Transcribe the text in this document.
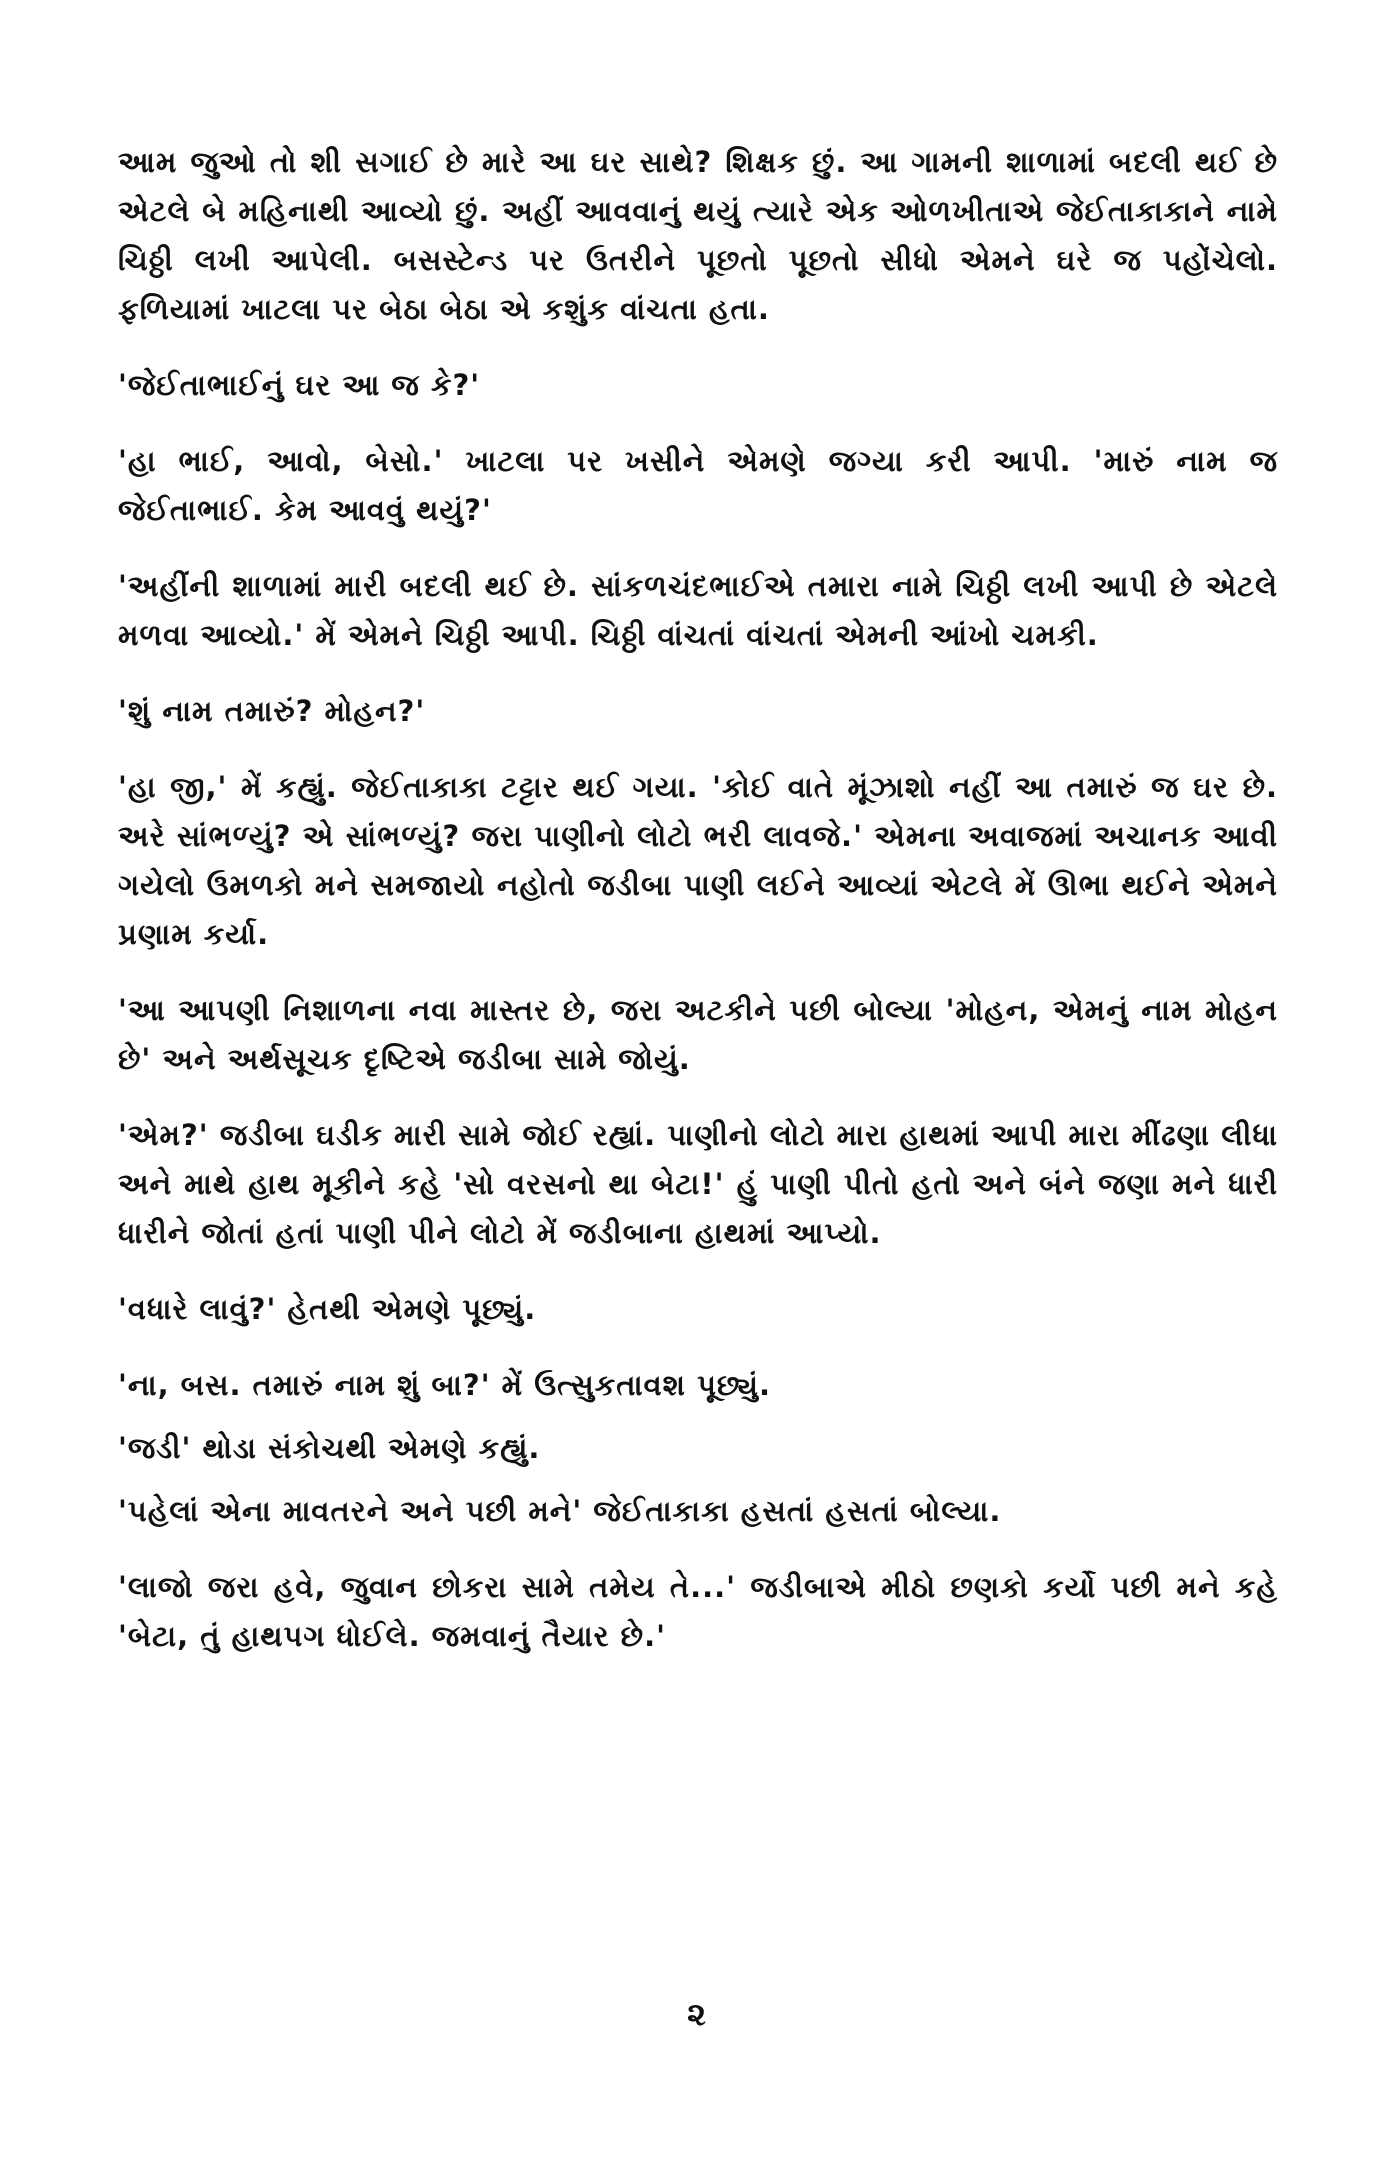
આમ જુઓ તો શી સગાઈ છે મારે આ ઘર સાથે? શિક્ષક છું. આ ગામની શાળામાં બદલી થઈ છે એટલે બે મહિનાથી આવ્યો છું. અહીં આવવાનું થયું ત્યારે એક ઓળખીતાએ જેઈતાકાકાને નામે ચિઠ્ઠી લખી આપેલી. બસસ્ટેન્ડ પર ઉતરીને પૂછતો પૂછતો સીધો એમને ઘરે જ પહોંચેલો. ફળિયામાં ખાટલા પર બેઠા બેઠા એ કશુંક વાંચતા હતા.

'જેઈતાભાઈનું ઘર આ જ કે?'

'હા ભાઈ, આવો, બેસો.' ખાટલા પર ખસીને એમણે જગ્યા કરી આપી. 'મારું નામ જ જેઈતાભાઈ. કેમ આવવું થયું?'

'અહીંની શાળામાં મારી બદલી થઈ છે. સાંકળચંદભાઈએ તમારા નામે ચિઠ્ઠી લખી આપી છે એટલે મળવા આવ્યો.' મેં એમને ચિઠ્ઠી આપી. ચિઠ્ઠી વાંચતાં વાંચતાં એમની આંખો ચમકી.

'શું નામ તમારું? મોહન?'

'હા જી,' મેં કહ્યું. જેઈતાકાકા ટટ્ટાર થઈ ગયા. 'કોઈ વાતે મૂંઝાશો નહીં આ તમારું જ ઘર છે. અરે સાંભળ્યું? એ સાંભળ્યું? જરા પાણીનો લોટો ભરી લાવજે.' એમના અવાજમાં અચાનક આવી ગયેલો ઉમળકો મને સમજાયો નહોતો જડીબા પાણી લઈને આવ્યાં એટલે મેં ઊભા થઈને એમને પ્રણામ કર્યા.

'આ આપણી નિશાળના નવા માસ્તર છે, જરા અટકીને પછી બોલ્યા 'મોહન, એમનું નામ મોહન છે' અને અર્થસૂચક દૃષ્ટિએ જડીબા સામે જોયું.

'એમ?' જડીબા ઘડીક મારી સામે જોઈ રહ્યાં. પાણીનો લોટો મારા હાથમાં આપી મારા મીંઢણા લીધા અને માથે હાથ મૂકીને કહે 'સો વરસનો થા બેટા!' હું પાણી પીતો હતો અને બંને જણા મને ધારી ધારીને જોતાં હતાં પાણી પીને લોટો મેં જડીબાના હાથમાં આપ્યો.

'વધારે લાવું?' હેતથી એમણે પૂછ્યું.

'ના, બસ. તમારું નામ શું બા?' મેં ઉત્સુકતાવશ પૂછ્યું.

'જડી' થોડા સંકોચથી એમણે કહ્યું.

'પહેલાં એના માવતરને અને પછી મને' જેઈતાકાકા હસતાં હસતાં બોલ્યા.

'લાજો જરા હવે, જુવાન છોકરા સામે તમેય તે...' જડીબાએ મીઠો છણકો કર્યો પછી મને કહે 'બેટા, તું હાથપગ ધોઈલે. જમવાનું તૈયાર છે.'

૨
